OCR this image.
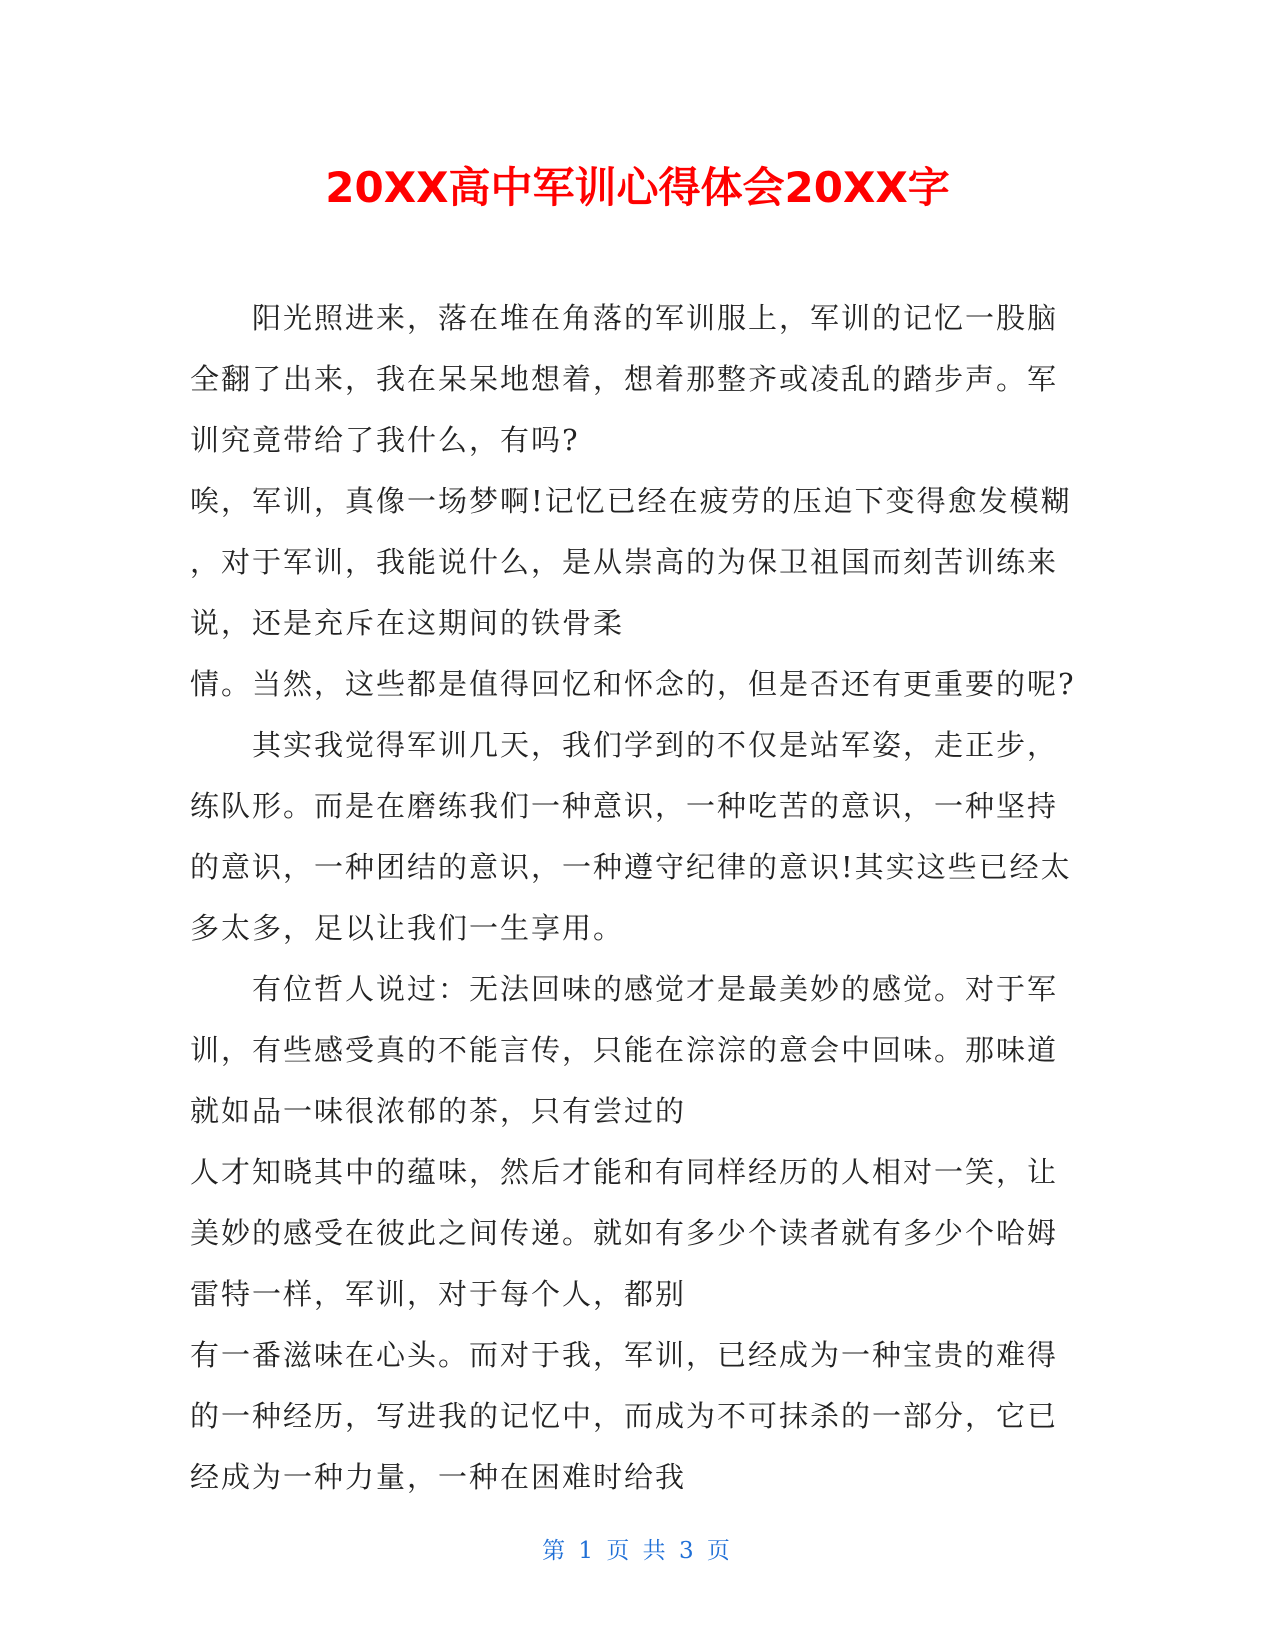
20XX高中军训心得体会20XX字
阳光照进来，落在堆在角落的军训服上，军训的记忆一股脑
全翻了出来，我在呆呆地想着，想着那整齐或凌乱的踏步声。军
训究竟带给了我什么，有吗?
唉，军训，真像一场梦啊!记忆已经在疲劳的压迫下变得愈发模糊
，对于军训，我能说什么，是从崇高的为保卫祖国而刻苦训练来
说，还是充斥在这期间的铁骨柔
情。当然，这些都是值得回忆和怀念的，但是否还有更重要的呢?
其实我觉得军训几天，我们学到的不仅是站军姿，走正步，
练队形。而是在磨练我们一种意识，一种吃苦的意识，一种坚持
的意识，一种团结的意识，一种遵守纪律的意识!其实这些已经太
多太多，足以让我们一生享用。
有位哲人说过：无法回味的感觉才是最美妙的感觉。对于军
训，有些感受真的不能言传，只能在淙淙的意会中回味。那味道
就如品一味很浓郁的茶，只有尝过的
人才知晓其中的蕴味，然后才能和有同样经历的人相对一笑，让
美妙的感受在彼此之间传递。就如有多少个读者就有多少个哈姆
雷特一样，军训，对于每个人，都别
有一番滋味在心头。而对于我，军训，已经成为一种宝贵的难得
的一种经历，写进我的记忆中，而成为不可抹杀的一部分，它已
经成为一种力量，一种在困难时给我
第 1 页 共 3 页
